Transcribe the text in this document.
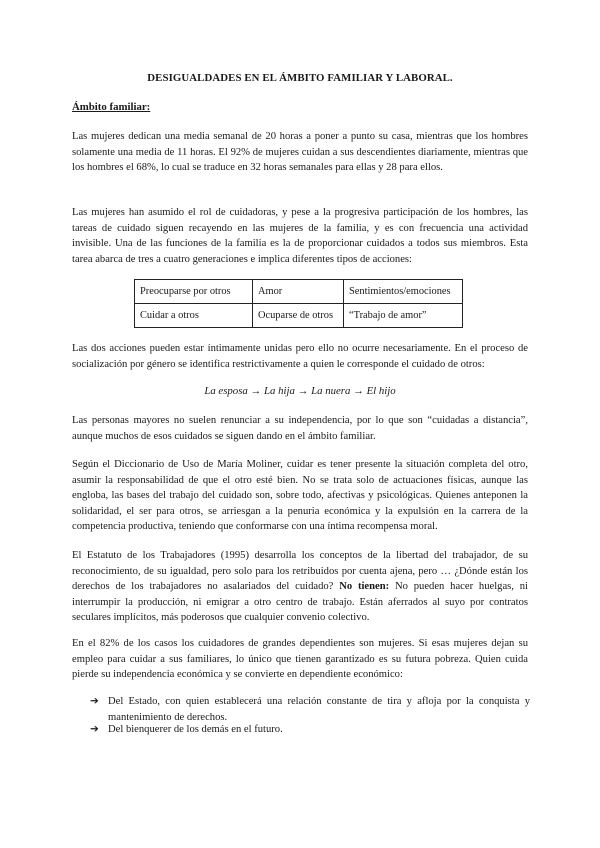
DESIGUALDADES EN EL ÁMBITO FAMILIAR Y LABORAL.
Ámbito familiar:

Las mujeres dedican una media semanal de 20 horas a poner a punto su casa, mientras que los hombres solamente una media de 11 horas. El 92% de mujeres cuidan a sus descendientes diariamente, mientras que los hombres el 68%, lo cual se traduce en 32 horas semanales para ellas y 28 para ellos.

Las mujeres han asumido el rol de cuidadoras, y pese a la progresiva participación de los hombres, las tareas de cuidado siguen recayendo en las mujeres de la familia, y es con frecuencia una actividad invisible. Una de las funciones de la familia es la de proporcionar cuidados a todos sus miembros. Esta tarea abarca de tres a cuatro generaciones e implica diferentes tipos de acciones:

Preocuparse por otros	Amor	Sentimientos/emociones
Cuidar a otros	Ocuparse de otros	“Trabajo de amor”

Las dos acciones pueden estar íntimamente unidas pero ello no ocurre necesariamente. En el proceso de socialización por género se identifica restrictivamente a quien le corresponde el cuidado de otros:

La esposa → La hija → La nuera → El hijo

Las personas mayores no suelen renunciar a su independencia, por lo que son “cuidadas a distancia”, aunque muchos de esos cuidados se siguen dando en el ámbito familiar.

Según el Diccionario de Uso de María Moliner, cuidar es tener presente la situación completa del otro, asumir la responsabilidad de que el otro esté bien. No se trata solo de actuaciones físicas, aunque las engloba, las bases del trabajo del cuidado son, sobre todo, afectivas y psicológicas. Quienes anteponen la solidaridad, el ser para otros, se arriesgan a la penuria económica y la expulsión en la carrera de la competencia productiva, teniendo que conformarse con una íntima recompensa moral.

El Estatuto de los Trabajadores (1995) desarrolla los conceptos de la libertad del trabajador, de su reconocimiento, de su igualdad, pero solo para los retribuidos por cuenta ajena, pero … ¿Dónde están los derechos de los trabajadores no asalariados del cuidado? No tienen: No pueden hacer huelgas, ni interrumpir la producción, ni emigrar a otro centro de trabajo. Están aferrados al suyo por contratos seculares implícitos, más poderosos que cualquier convenio colectivo.

En el 82% de los casos los cuidadores de grandes dependientes son mujeres. Si esas mujeres dejan su empleo para cuidar a sus familiares, lo único que tienen garantizado es su futura pobreza. Quien cuida pierde su independencia económica y se convierte en dependiente económico:

➔ Del Estado, con quien establecerá una relación constante de tira y afloja por la conquista y mantenimiento de derechos.
➔ Del bienquerer de los demás en el futuro.
